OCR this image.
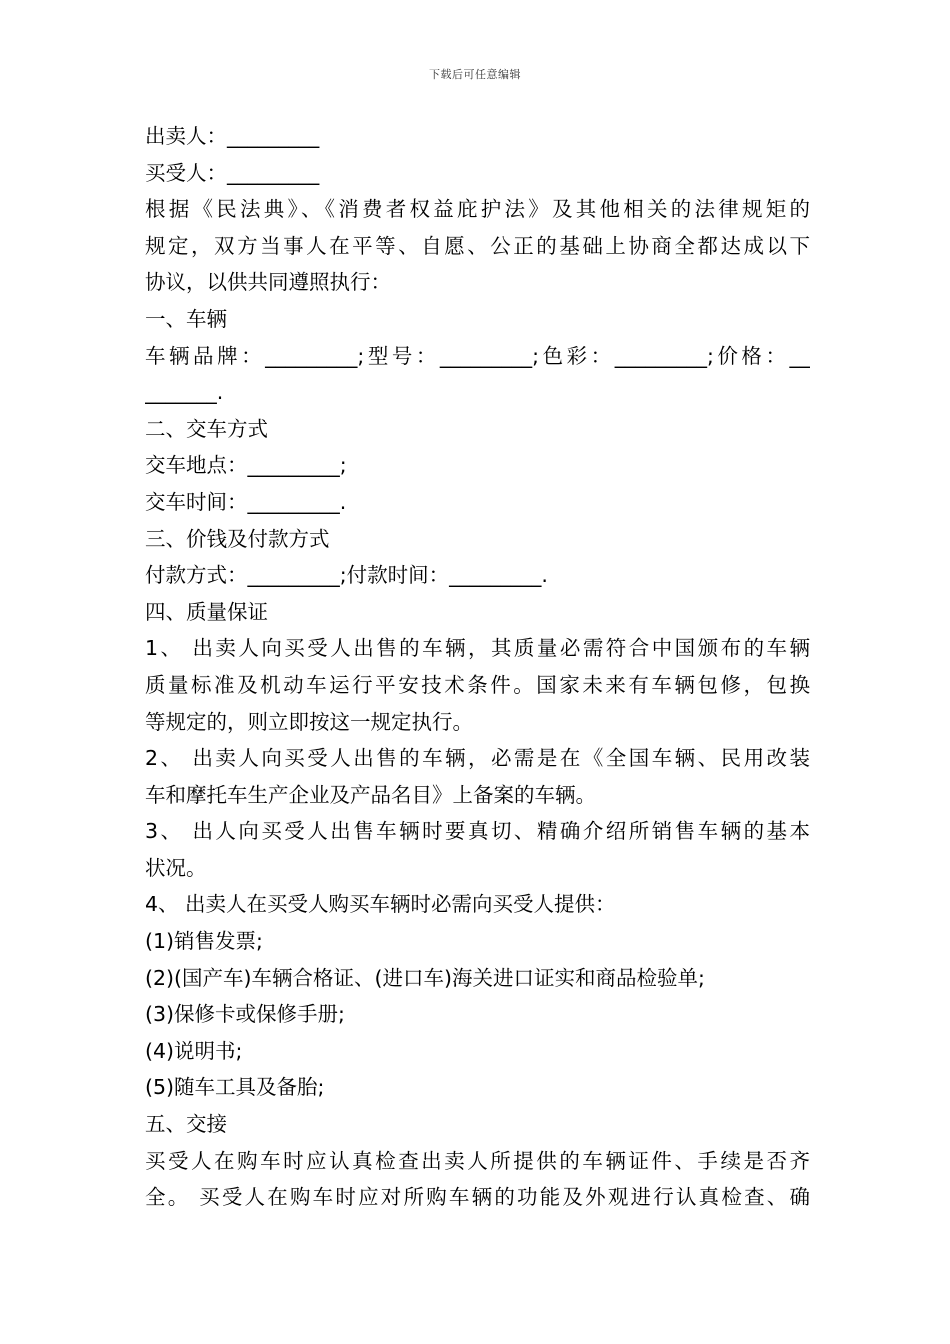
下载后可任意编辑
出卖人：_________
买受人：_________
根据《民法典》、《消费者权益庇护法》及其他相关的法律规矩的
规定，双方当事人在平等、自愿、公正的基础上协商全都达成以下
协议，以供共同遵照执行：
一、车辆
车辆品牌：_________;型号：_________;色彩：_________;价格：__
_______.
二、交车方式
交车地点：_________;
交车时间：_________.
三、价钱及付款方式
付款方式：_________;付款时间：_________.
四、质量保证
1、 出卖人向买受人出售的车辆，其质量必需符合中国颁布的车辆
质量标准及机动车运行平安技术条件。国家未来有车辆包修，包换
等规定的，则立即按这一规定执行。
2、 出卖人向买受人出售的车辆，必需是在《全国车辆、民用改装
车和摩托车生产企业及产品名目》上备案的车辆。
3、 出人向买受人出售车辆时要真切、精确介绍所销售车辆的基本
状况。
4、 出卖人在买受人购买车辆时必需向买受人提供：
(1)销售发票;
(2)(国产车)车辆合格证、(进口车)海关进口证实和商品检验单;
(3)保修卡或保修手册;
(4)说明书;
(5)随车工具及备胎;
五、交接
买受人在购车时应认真检查出卖人所提供的车辆证件、手续是否齐
全。 买受人在购车时应对所购车辆的功能及外观进行认真检查、确
